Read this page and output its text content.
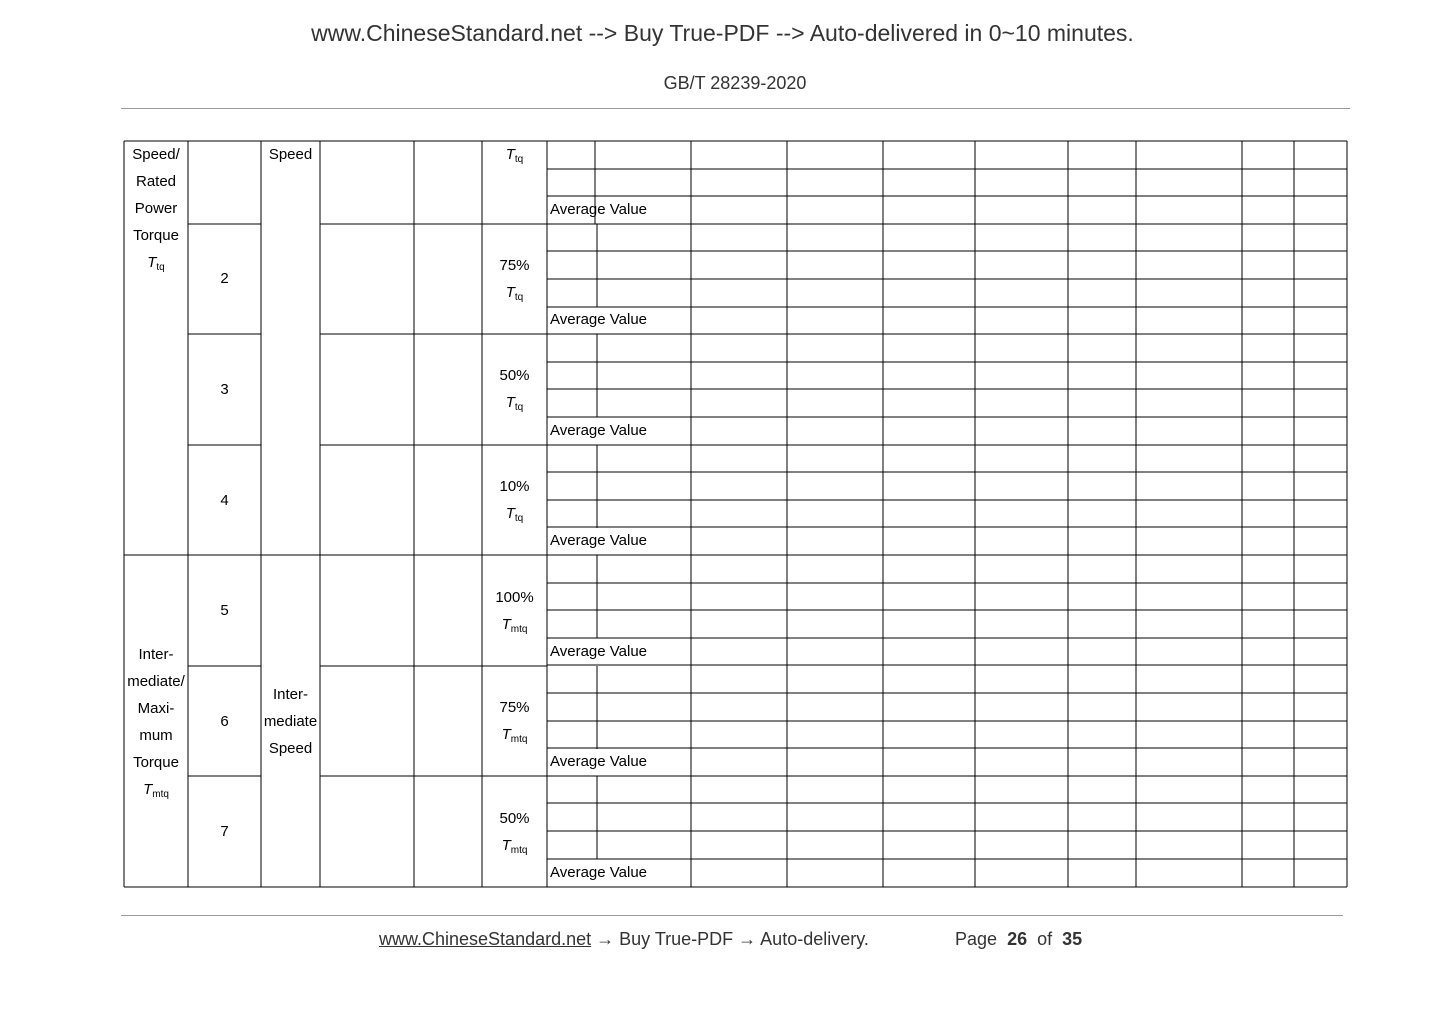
www.ChineseStandard.net --> Buy True-PDF --> Auto-delivered in 0~10 minutes.
GB/T 28239-2020
Speed/
Rated
Power
Torque
$T_{tq}$
Inter-
mediate/
Maxi-
mum
Torque
$T_{mtq}$
Speed
Inter-
mediate
Speed
2
3
4
5
6
7
$T_{tq}$
75%
$T_{tq}$
50%
$T_{tq}$
10%
$T_{tq}$
100%
$T_{mtq}$
75%
$T_{mtq}$
50%
$T_{mtq}$
Average Value
Average Value
Average Value
Average Value
Average Value
Average Value
Average Value
www.ChineseStandard.net → Buy True-PDF → Auto-delivery.	Page 26 of 35
